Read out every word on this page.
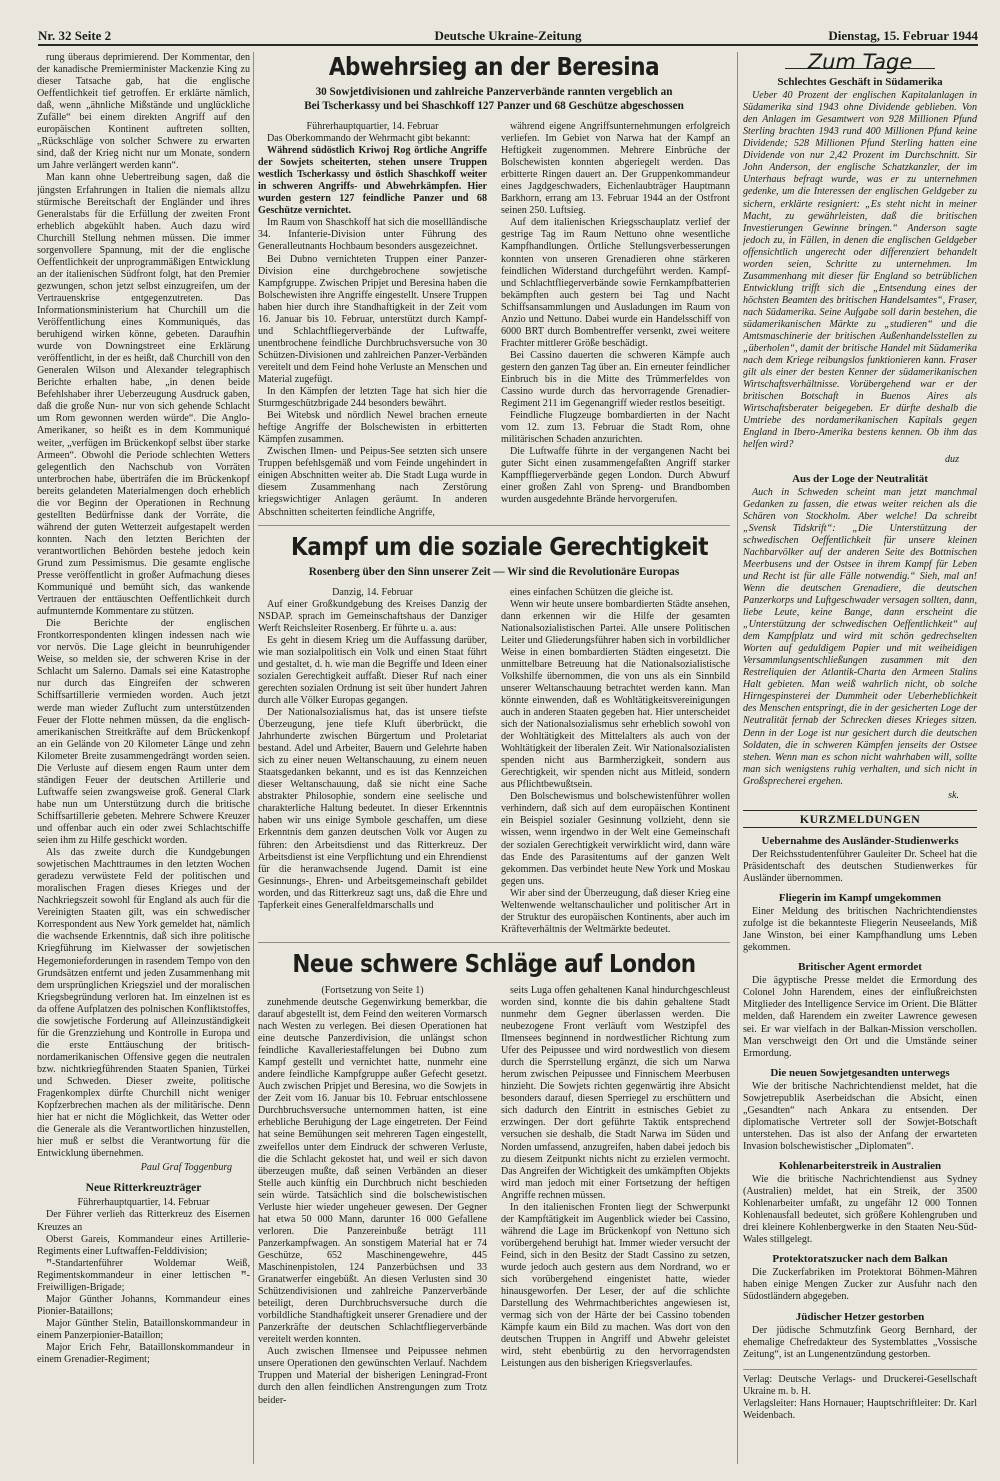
Nr. 32 Seite 2	Deutsche Ukraine-Zeitung	Dienstag, 15. Februar 1944

rung überaus deprimierend. Der Kommentar, den der kanadische Premierminister Mackenzie King zu dieser Tatsache gab, hat die englische Oeffentlichkeit tief getroffen. Er erklärte nämlich, daß, wenn „ähnliche Mißstände und unglückliche Zufälle“ bei einem direkten Angriff auf den europäischen Kontinent auftreten sollten, „Rückschläge von solcher Schwere zu erwarten sind, daß der Krieg nicht nur um Monate, sondern um Jahre verlängert werden kann“.

Man kann ohne Uebertreibung sagen, daß die jüngsten Erfahrungen in Italien die niemals allzu stürmische Bereitschaft der Engländer und ihres Generalstabs für die Erfüllung der zweiten Front erheblich abgekühlt haben. Auch dazu wird Churchill Stellung nehmen müssen. Die immer sorgenvollere Spannung, mit der die englische Oeffentlichkeit der unprogrammäßigen Entwicklung an der italienischen Südfront folgt, hat den Premier gezwungen, schon jetzt selbst einzugreifen, um der Vertrauenskrise entgegenzutreten. Das Informationsministerium hat Churchill um die Veröffentlichung eines Kommuniqués, das beruhigend wirken könne, gebeten. Daraufhin wurde von Downingstreet eine Erklärung veröffentlicht, in der es heißt, daß Churchill von den Generalen Wilson und Alexander telegraphisch Berichte erhalten habe, „in denen beide Befehlshaber ihrer Ueberzeugung Ausdruck gaben, daß die große Nun- nur von sich gehende Schlacht um Rom gewonnen werden würde“. Die Anglo-Amerikaner, so heißt es in dem Kommuniqué weiter, „verfügen im Brückenkopf selbst über starke Armeen“. Obwohl die Periode schlechten Wetters gelegentlich den Nachschub von Vorräten unterbrochen habe, überträfen die im Brückenkopf bereits gelandeten Materialmengen doch erheblich die vor Beginn der Operationen in Rechnung gestellten Bedürfnisse dank der Vorräte, die während der guten Wetterzeit aufgestapelt werden konnten. Nach den letzten Berichten der verantwortlichen Behörden bestehe jedoch kein Grund zum Pessimismus. Die gesamte englische Presse veröffentlicht in großer Aufmachung dieses Kommuniqué und bemüht sich, das wankende Vertrauen der enttäuschten Oeffentlichkeit durch aufmunternde Kommentare zu stützen.

Die Berichte der englischen Frontkorrespondenten klingen indessen nach wie vor nervös. Die Lage gleicht in beunruhigender Weise, so melden sie, der schweren Krise in der Schlacht um Salerno. Damals sei eine Katastrophe nur durch das Eingreifen der schweren Schiffsartillerie vermieden worden. Auch jetzt werde man wieder Zuflucht zum unterstützenden Feuer der Flotte nehmen müssen, da die englisch-amerikanischen Streitkräfte auf dem Brückenkopf an ein Gelände von 20 Kilometer Länge und zehn Kilometer Breite zusammengedrängt worden seien. Die Verluste auf diesem engen Raum unter dem ständigen Feuer der deutschen Artillerie und Luftwaffe seien zwangsweise groß. General Clark habe nun um Unterstützung durch die britische Schiffsartillerie gebeten. Mehrere Schwere Kreuzer und offenbar auch ein oder zwei Schlachtschiffe seien ihm zu Hilfe geschickt worden.

Als das zweite durch die Kundgebungen sowjetischen Machttraumes in den letzten Wochen geradezu verwüstete Feld der politischen und moralischen Fragen dieses Krieges und der Nachkriegszeit sowohl für England als auch für die Vereinigten Staaten gilt, was ein schwedischer Korrespondent aus New York gemeldet hat, nämlich die wachsende Erkenntnis, daß sich ihre politische Kriegführung im Kielwasser der sowjetischen Hegemonieforderungen in rasendem Tempo von den Grundsätzen entfernt und jeden Zusammenhang mit dem ursprünglichen Kriegsziel und der moralischen Kriegsbegründung verloren hat. Im einzelnen ist es da offene Aufplatzen des polnischen Konfliktstoffes, die sowjetische Forderung auf Alleinzuständigkeit für die Grenzziehung und Kontrolle in Europa und die erste Enttäuschung der britisch-nordamerikanischen Offensive gegen die neutralen bzw. nichtkriegführenden Staaten Spanien, Türkei und Schweden. Dieser zweite, politische Fragenkomplex dürfte Churchill nicht weniger Kopfzerbrechen machen als der militärische. Denn hier hat er nicht die Möglichkeit, das Wetter oder die Generale als die Verantwortlichen hinzustellen, hier muß er selbst die Verantwortung für die Entwicklung übernehmen.

Paul Graf Toggenburg
Neue Ritterkreuzträger

Führerhauptquartier, 14. Februar

Der Führer verlieh das Ritterkreuz des Eisernen Kreuzes an

Oberst Gareis, Kommandeur eines Artillerie-Regiments einer Luftwaffen-Felddivision;

ꟸ-Standartenführer Woldemar Weiß, Regimentskommandeur in einer lettischen ꟸ-Freiwilligen-Brigade;

Major Günther Johanns, Kommandeur eines Pionier-Bataillons;

Major Günther Stelin, Bataillonskommandeur in einem Panzerpionier-Bataillon;

Major Erich Fehr, Bataillonskommandeur in einem Grenadier-Regiment;

Abwehrsieg an der Beresina
30 Sowjetdivisionen und zahlreiche Panzerverbände rannten vergeblich an
Bei Tscherkassy und bei Shaschkoff 127 Panzer und 68 Geschütze abgeschossen

Führerhauptquartier, 14. Februar

Das Oberkommando der Wehrmacht gibt bekannt:

Während südöstlich Kriwoj Rog örtliche Angriffe der Sowjets scheiterten, stehen unsere Truppen westlich Tscherkassy und östlich Shaschkoff weiter in schweren Angriffs- und Abwehrkämpfen. Hier wurden gestern 127 feindliche Panzer und 68 Geschütze vernichtet.

Im Raum von Shaschkoff hat sich die mosellländische 34. Infanterie-Division unter Führung des Generalleutnants Hochbaum besonders ausgezeichnet.

Bei Dubno vernichteten Truppen einer Panzer-Division eine durchgebrochene sowjetische Kampfgruppe. Zwischen Pripjet und Beresina haben die Bolschewisten ihre Angriffe eingestellt. Unsere Truppen haben hier durch ihre Standhaftigkeit in der Zeit vom 16. Januar bis 10. Februar, unterstützt durch Kampf- und Schlachtfliegerverbände der Luftwaffe, unentbrochene feindliche Durchbruchsversuche von 30 Schützen-Divisionen und zahlreichen Panzer-Verbänden vereitelt und dem Feind hohe Verluste an Menschen und Material zugefügt.

In den Kämpfen der letzten Tage hat sich hier die Sturmgeschützbrigade 244 besonders bewährt.

Bei Witebsk und nördlich Newel brachen erneute heftige Angriffe der Bolschewisten in erbitterten Kämpfen zusammen.

Zwischen Ilmen- und Peipus-See setzten sich unsere Truppen befehlsgemäß und vom Feinde ungehindert in einigen Abschnitten weiter ab. Die Stadt Luga wurde in diesem Zusammenhang nach Zerstörung kriegswichtiger Anlagen geräumt. In anderen Abschnitten scheiterten feindliche Angriffe,

während eigene Angriffsunternehmungen erfolgreich verliefen. Im Gebiet von Narwa hat der Kampf an Heftigkeit zugenommen. Mehrere Einbrüche der Bolschewisten konnten abgeriegelt werden. Das erbitterte Ringen dauert an. Der Gruppenkommandeur eines Jagdgeschwaders, Eichenlaubträger Hauptmann Barkhorn, errang am 13. Februar 1944 an der Ostfront seinen 250. Luftsieg.

Auf dem italienischen Kriegsschauplatz verlief der gestrige Tag im Raum Nettuno ohne wesentliche Kampfhandlungen. Örtliche Stellungsverbesserungen konnten von unseren Grenadieren ohne stärkeren feindlichen Widerstand durchgeführt werden. Kampf- und Schlachtfliegerverbände sowie Fernkampfbatterien bekämpften auch gestern bei Tag und Nacht Schiffsansammlungen und Ausladungen im Raum von Anzio und Nettuno. Dabei wurde ein Handelsschiff von 6000 BRT durch Bombentreffer versenkt, zwei weitere Frachter mittlerer Größe beschädigt.

Bei Cassino dauerten die schweren Kämpfe auch gestern den ganzen Tag über an. Ein erneuter feindlicher Einbruch bis in die Mitte des Trümmerfeldes von Cassino wurde durch das hervorragende Grenadier-Regiment 211 im Gegenangriff wieder restlos beseitigt.

Feindliche Flugzeuge bombardierten in der Nacht vom 12. zum 13. Februar die Stadt Rom, ohne militärischen Schaden anzurichten.

Die Luftwaffe führte in der vergangenen Nacht bei guter Sicht einen zusammengefaßten Angriff starker Kampffliegerverbände gegen London. Durch Abwurf einer großen Zahl von Spreng- und Brandbomben wurden ausgedehnte Brände hervorgerufen.

Kampf um die soziale Gerechtigkeit
Rosenberg über den Sinn unserer Zeit — Wir sind die Revolutionäre Europas

Danzig, 14. Februar

Auf einer Großkundgebung des Kreises Danzig der NSDAP. sprach im Gemeinschaftshaus der Danziger Werft Reichsleiter Rosenberg. Er führte u. a. aus:

Es geht in diesem Krieg um die Auffassung darüber, wie man sozialpolitisch ein Volk und einen Staat führt und gestaltet, d. h. wie man die Begriffe und Ideen einer sozialen Gerechtigkeit auffaßt. Dieser Ruf nach einer gerechten sozialen Ordnung ist seit über hundert Jahren durch alle Völker Europas gegangen.

Der Nationalsozialismus hat, das ist unsere tiefste Überzeugung, jene tiefe Kluft überbrückt, die Jahrhunderte zwischen Bürgertum und Proletariat bestand. Adel und Arbeiter, Bauern und Gelehrte haben sich zu einer neuen Weltanschauung, zu einem neuen Staatsgedanken bekannt, und es ist das Kennzeichen dieser Weltanschauung, daß sie nicht eine Sache abstrakter Philosophie, sondern eine seelische und charakterliche Haltung bedeutet. In dieser Erkenntnis haben wir uns einige Symbole geschaffen, um diese Erkenntnis dem ganzen deutschen Volk vor Augen zu führen: den Arbeitsdienst und das Ritterkreuz. Der Arbeitsdienst ist eine Verpflichtung und ein Ehrendienst für die heranwachsende Jugend. Damit ist eine Gesinnungs-, Ehren- und Arbeitsgemeinschaft gebildet worden, und das Ritterkreuz sagt uns, daß die Ehre und Tapferkeit eines Generalfeldmarschalls und

eines einfachen Schützen die gleiche ist.

Wenn wir heute unsere bombardierten Städte ansehen, dann erkennen wir die Hilfe der gesamten Nationalsozialistischen Partei. Alle unsere Politischen Leiter und Gliederungsführer haben sich in vorbildlicher Weise in einen bombardierten Städten eingesetzt. Die unmittelbare Betreuung hat die Nationalsozialistische Volkshilfe übernommen, die von uns als ein Sinnbild unserer Weltanschauung betrachtet werden kann. Man könnte einwenden, daß es Wohltätigkeitsvereinigungen auch in anderen Staaten gegeben hat. Hier unterscheidet sich der Nationalsozialismus sehr erheblich sowohl von der Wohltätigkeit des Mittelalters als auch von der Wohltätigkeit der liberalen Zeit. Wir Nationalsozialisten spenden nicht aus Barmherzigkeit, sondern aus Gerechtigkeit, wir spenden nicht aus Mitleid, sondern aus Pflichtbewußtsein.

Den Bolschewismus und bolschewistenführer wollen verhindern, daß sich auf dem europäischen Kontinent ein Beispiel sozialer Gesinnung vollzieht, denn sie wissen, wenn irgendwo in der Welt eine Gemeinschaft der sozialen Gerechtigkeit verwirklicht wird, dann wäre das Ende des Parasitentums auf der ganzen Welt gekommen. Das verbindet heute New York und Moskau gegen uns.

Wir aber sind der Überzeugung, daß dieser Krieg eine Weltenwende weltanschaulicher und politischer Art in der Struktur des europäischen Kontinents, aber auch im Kräfteverhältnis der Weltmärkte bedeutet.

Neue schwere Schläge auf London

(Fortsetzung von Seite 1)

zunehmende deutsche Gegenwirkung bemerkbar, die darauf abgestellt ist, dem Feind den weiteren Vormarsch nach Westen zu verlegen. Bei diesen Operationen hat eine deutsche Panzerdivision, die unlängst schon feindliche Kavalleriestaffelungen bei Dubno zum Kampf gestellt und vernichtet hatte, nunmehr eine andere feindliche Kampfgruppe außer Gefecht gesetzt. Auch zwischen Pripjet und Beresina, wo die Sowjets in der Zeit vom 16. Januar bis 10. Februar entschlossene Durchbruchsversuche unternommen hatten, ist eine erhebliche Beruhigung der Lage eingetreten. Der Feind hat seine Bemühungen seit mehreren Tagen eingestellt, zweifellos unter dem Eindruck der schweren Verluste, die die Schlacht gekostet hat, und weil er sich davon überzeugen mußte, daß seinen Verbänden an dieser Stelle auch künftig ein Durchbruch nicht beschieden sein würde. Tatsächlich sind die bolschewistischen Verluste hier wieder ungeheuer gewesen. Der Gegner hat etwa 50 000 Mann, darunter 16 000 Gefallene verloren. Die Panzereinbuße beträgt 111 Panzerkampfwagen. An sonstigem Material hat er 74 Geschütze, 652 Maschinengewehre, 445 Maschinenpistolen, 124 Panzerbüchsen und 33 Granatwerfer eingebüßt. An diesen Verlusten sind 30 Schützendivisionen und zahlreiche Panzerverbände beteiligt, deren Durchbruchsversuche durch die vorbildliche Standhaftigkeit unserer Grenadiere und der Panzerkräfte der deutschen Schlachtfliegerverbände vereitelt werden konnten.

Auch zwischen Ilmensee und Peipussee nehmen unsere Operationen den gewünschten Verlauf. Nachdem Truppen und Material der bisherigen Leningrad-Front durch den allen feindlichen Anstrengungen zum Trotz beider-

seits Luga offen gehaltenen Kanal hindurchgeschleust worden sind, konnte die bis dahin gehaltene Stadt nunmehr dem Gegner überlassen werden. Die neubezogene Front verläuft vom Westzipfel des Ilmensees beginnend in nordwestlicher Richtung zum Ufer des Peipussee und wird nordwestlich von diesem durch die Sperrstellung ergänzt, die sich um Narwa herum zwischen Peipussee und Finnischem Meerbusen hinzieht. Die Sowjets richten gegenwärtig ihre Absicht besonders darauf, diesen Sperriegel zu erschüttern und sich dadurch den Eintritt in estnisches Gebiet zu erzwingen. Der dort geführte Taktik entsprechend versuchen sie deshalb, die Stadt Narwa im Süden und Norden umfassend, anzugreifen, haben dabei jedoch bis zu diesem Zeitpunkt nichts nicht zu erzielen vermocht. Das Angreifen der Wichtigkeit des umkämpften Objekts wird man jedoch mit einer Fortsetzung der heftigen Angriffe rechnen müssen.

In den italienischen Fronten liegt der Schwerpunkt der Kampftätigkeit im Augenblick wieder bei Cassino, während die Lage im Brückenkopf von Nettuno sich vorübergehend beruhigt hat. Immer wieder versucht der Feind, sich in den Besitz der Stadt Cassino zu setzen, wurde jedoch auch gestern aus dem Nordrand, wo er sich vorübergehend eingenistet hatte, wieder hinausgeworfen. Der Leser, der auf die schlichte Darstellung des Wehrmachtberichtes angewiesen ist, vermag sich von der Härte der bei Cassino tobenden Kämpfe kaum ein Bild zu machen. Was dort von den deutschen Truppen in Angriff und Abwehr geleistet wird, steht ebenbürtig zu den hervorragendsten Leistungen aus den bisherigen Kriegsverlaufes.

Zum Tage
Schlechtes Geschäft in Südamerika

Ueber 40 Prozent der englischen Kapitalanlagen in Südamerika sind 1943 ohne Dividende geblieben. Von den Anlagen im Gesamtwert von 928 Millionen Pfund Sterling brachten 1943 rund 400 Millionen Pfund keine Dividende; 528 Millionen Pfund Sterling hatten eine Dividende von nur 2,42 Prozent im Durchschnitt. Sir John Anderson, der englische Schatzkanzler, der im Unterhaus befragt wurde, was er zu unternehmen gedenke, um die Interessen der englischen Geldgeber zu sichern, erklärte resigniert: „Es steht nicht in meiner Macht, zu gewährleisten, daß die britischen Investierungen Gewinne bringen.“ Anderson sagte jedoch zu, in Fällen, in denen die englischen Geldgeber offensichtlich ungerecht oder differenziert behandelt worden seien, Schritte zu unternehmen. Im Zusammenhang mit dieser für England so betrüblichen Entwicklung trifft sich die „Entsendung eines der höchsten Beamten des britischen Handelsamtes“, Fraser, nach Südamerika. Seine Aufgabe soll darin bestehen, die südamerikanischen Märkte zu „studieren“ und die Amtsmaschinerie der britischen Außenhandelsstellen zu „überholen“, damit der britische Handel mit Südamerika nach dem Kriege reibungslos funktionieren kann. Fraser gilt als einer der besten Kenner der südamerikanischen Wirtschaftsverhältnisse. Vorübergehend war er der britischen Botschaft in Buenos Aires als Wirtschaftsberater beigegeben. Er dürfte deshalb die Umtriebe des nordamerikanischen Kapitals gegen England in Ibero-Amerika bestens kennen. Ob ihm das helfen wird?

duz
Aus der Loge der Neutralität

Auch in Schweden scheint man jetzt manchmal Gedanken zu fassen, die etwas weiter reichen als die Schären von Stockholm. Aber welche! Da schreibt „Svensk Tidskrift“: „Die Unterstützung der schwedischen Oeffentlichkeit für unsere kleinen Nachbarvölker auf der anderen Seite des Bottnischen Meerbusens und der Ostsee in ihrem Kampf für Leben und Recht ist für alle Fälle notwendig.“ Sieh, mal an! Wenn die deutschen Grenadiere, die deutschen Panzerkorps und Luftgeschwader versagen sollten, dann, liebe Leute, keine Bange, dann erscheint die „Unterstützung der schwedischen Oeffentlichkeit“ auf dem Kampfplatz und wird mit schön gedrechselten Worten auf geduldigem Papier und mit weiheidigen Versammlungsentschließungen zusammen mit den Restreliquien der Atlantik-Charta den Armeen Stalins Halt gebieten. Man weiß wahrlich nicht, ob solche Hirngespinsterei der Dummheit oder Ueberheblichkeit des Menschen entspringt, die in der gesicherten Loge der Neutralität fernab der Schrecken dieses Krieges sitzen. Denn in der Loge ist nur gesichert durch die deutschen Soldaten, die in schweren Kämpfen jenseits der Ostsee stehen. Wenn man es schon nicht wahrhaben will, sollte man sich wenigstens ruhig verhalten, und sich nicht in Großsprecherei ergehen.

sk.
KURZMELDUNGEN
Uebernahme des Ausländer-Studienwerks

Der Reichsstudentenführer Gauleiter Dr. Scheel hat die Präsidentschaft des deutschen Studienwerkes für Ausländer übernommen.

Fliegerin im Kampf umgekommen

Einer Meldung des britischen Nachrichtendienstes zufolge ist die bekannteste Fliegerin Neuseelands, Miß Jane Winston, bei einer Kampfhandlung ums Leben gekommen.

Britischer Agent ermordet

Die ägyptische Presse meldet die Ermordung des Colonel John Harendem, eines der einflußreichsten Mitglieder des Intelligence Service im Orient. Die Blätter melden, daß Harendem ein zweiter Lawrence gewesen sei. Er war vielfach in der Balkan-Mission verschollen. Man verschweigt den Ort und die Umstände seiner Ermordung.

Die neuen Sowjetgesandten unterwegs

Wie der britische Nachrichtendienst meldet, hat die Sowjetrepublik Aserbeidschan die Absicht, einen „Gesandten“ nach Ankara zu entsenden. Der diplomatische Vertreter soll der Sowjet-Botschaft unterstehen. Das ist also der Anfang der erwarteten Invasion bolschewistischer „Diplomaten“.

Kohlenarbeiterstreik in Australien

Wie die britische Nachrichtendienst aus Sydney (Australien) meldet, hat ein Streik, der 3500 Kohlenarbeiter umfaßt, zu ungefähr 12 000 Tonnen Kohlenausfall bedeutet, sich größere Kohlengruben und drei kleinere Kohlenbergwerke in den Staaten Neu-Süd-Wales stillgelegt.

Protektoratszucker nach dem Balkan

Die Zuckerfabriken im Protektorat Böhmen-Mähren haben einige Mengen Zucker zur Ausfuhr nach den Südostländern abgegeben.

Jüdischer Hetzer gestorben

Der jüdische Schmutzfink Georg Bernhard, der ehemalige Chefredakteur des Systemblattes „Vossische Zeitung“, ist an Lungenentzündung gestorben.

Verlag: Deutsche Verlags- und Druckerei-Gesellschaft Ukraine m. b. H.

Verlagsleiter: Hans Hornauer; Hauptschriftleiter: Dr. Karl Weidenbach.
